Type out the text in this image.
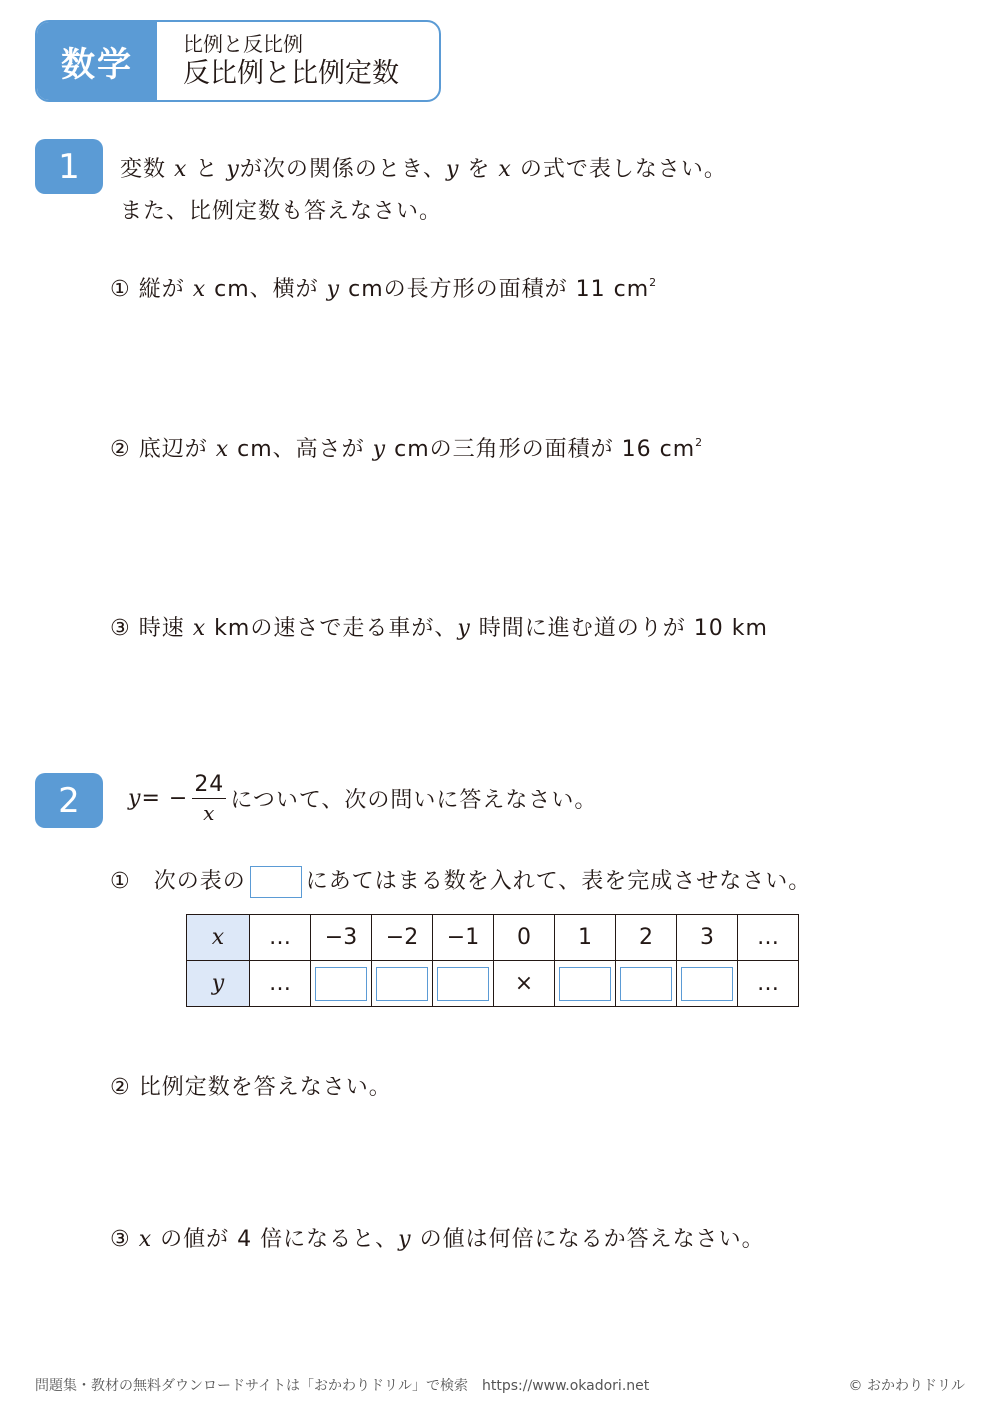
数学
比例と反比例
反比例と比例定数
1	変数 x と yが次の関係のとき、y を x の式で表しなさい。
また、比例定数も答えなさい。
① 縦が x cm、横が y cmの長方形の面積が 11 $cm^2$
② 底辺が x cm、高さが y cmの三角形の面積が 16 $cm^2$
③ 時速 x kmの速さで走る車が、y 時間に進む道のりが 10 km
2	y = − $\frac{24}{x}$ について、次の問いに答えなさい。
①　次の表の	にあてはまる数を入れて、表を完成させなさい。
x	…	−3	−2	−1	0	1	2	3	…
y	…				×				…
② 比例定数を答えなさい。
③ x の値が 4 倍になると、y の値は何倍になるか答えなさい。
問題集・教材の無料ダウンロードサイトは「おかわりドリル」で検索　https://www.okadori.net	© おかわりドリル
